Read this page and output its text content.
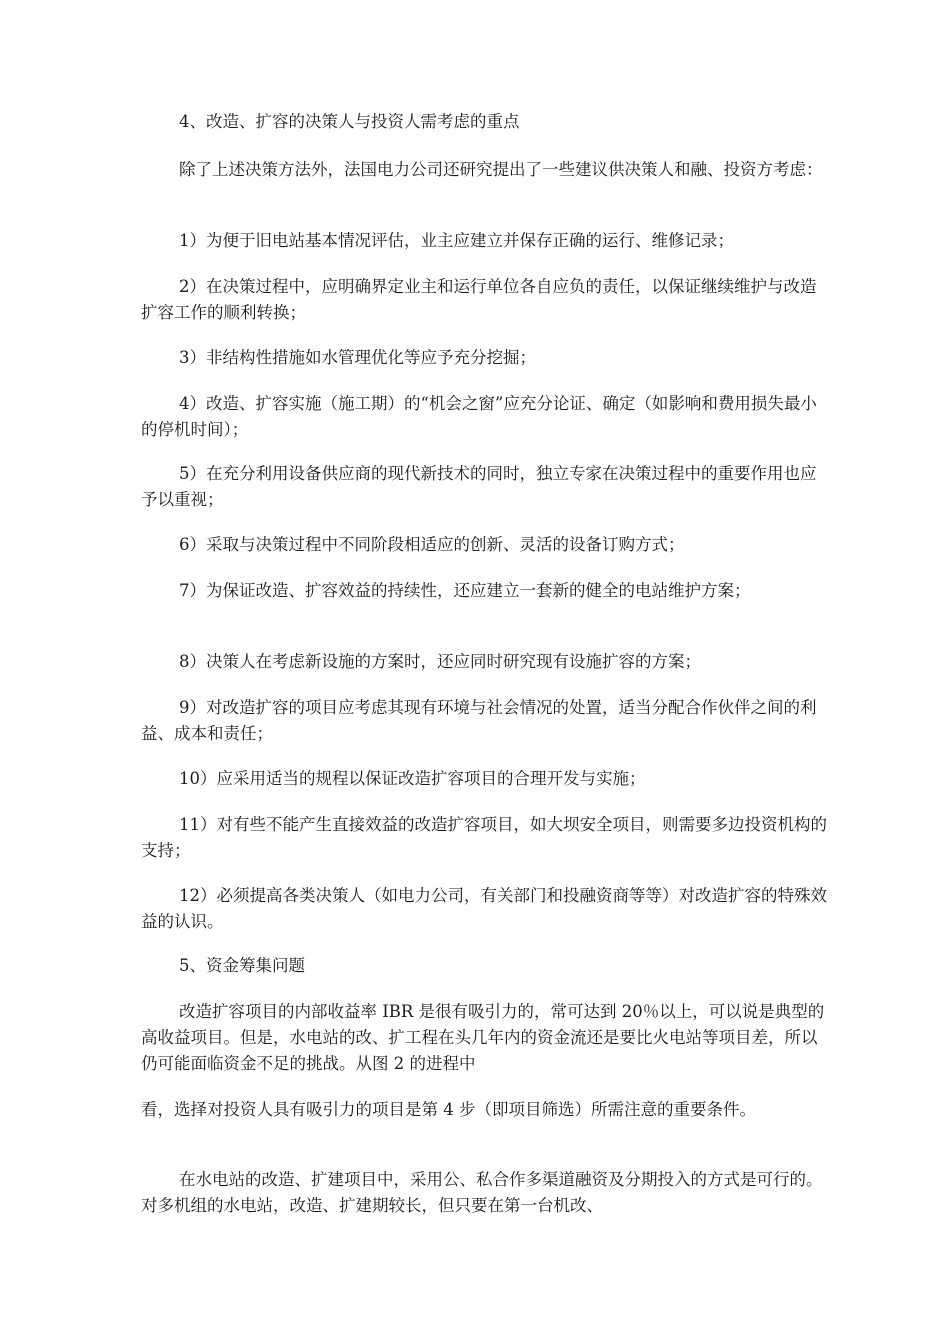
4、改造、扩容的决策人与投资人需考虑的重点

除了上述决策方法外，法国电力公司还研究提出了一些建议供决策人和融、投资方考虑：

1）为便于旧电站基本情况评估，业主应建立并保存正确的运行、维修记录；

2）在决策过程中，应明确界定业主和运行单位各自应负的责任，以保证继续维护与改造扩容工作的顺利转换；

3）非结构性措施如水管理优化等应予充分挖掘；

4）改造、扩容实施（施工期）的“机会之窗”应充分论证、确定（如影响和费用损失最小的停机时间）；

5）在充分利用设备供应商的现代新技术的同时，独立专家在决策过程中的重要作用也应予以重视；

6）采取与决策过程中不同阶段相适应的创新、灵活的设备订购方式；

7）为保证改造、扩容效益的持续性，还应建立一套新的健全的电站维护方案；

8）决策人在考虑新设施的方案时，还应同时研究现有设施扩容的方案；

9）对改造扩容的项目应考虑其现有环境与社会情况的处置，适当分配合作伙伴之间的利益、成本和责任；

10）应采用适当的规程以保证改造扩容项目的合理开发与实施；

11）对有些不能产生直接效益的改造扩容项目，如大坝安全项目，则需要多边投资机构的支持；

12）必须提高各类决策人（如电力公司，有关部门和投融资商等等）对改造扩容的特殊效益的认识。

5、资金筹集问题

改造扩容项目的内部收益率 IBR 是很有吸引力的，常可达到 20％以上，可以说是典型的高收益项目。但是，水电站的改、扩工程在头几年内的资金流还是要比火电站等项目差，所以仍可能面临资金不足的挑战。从图 2 的进程中

看，选择对投资人具有吸引力的项目是第 4 步（即项目筛选）所需注意的重要条件。

在水电站的改造、扩建项目中，采用公、私合作多渠道融资及分期投入的方式是可行的。对多机组的水电站，改造、扩建期较长，但只要在第一台机改、
